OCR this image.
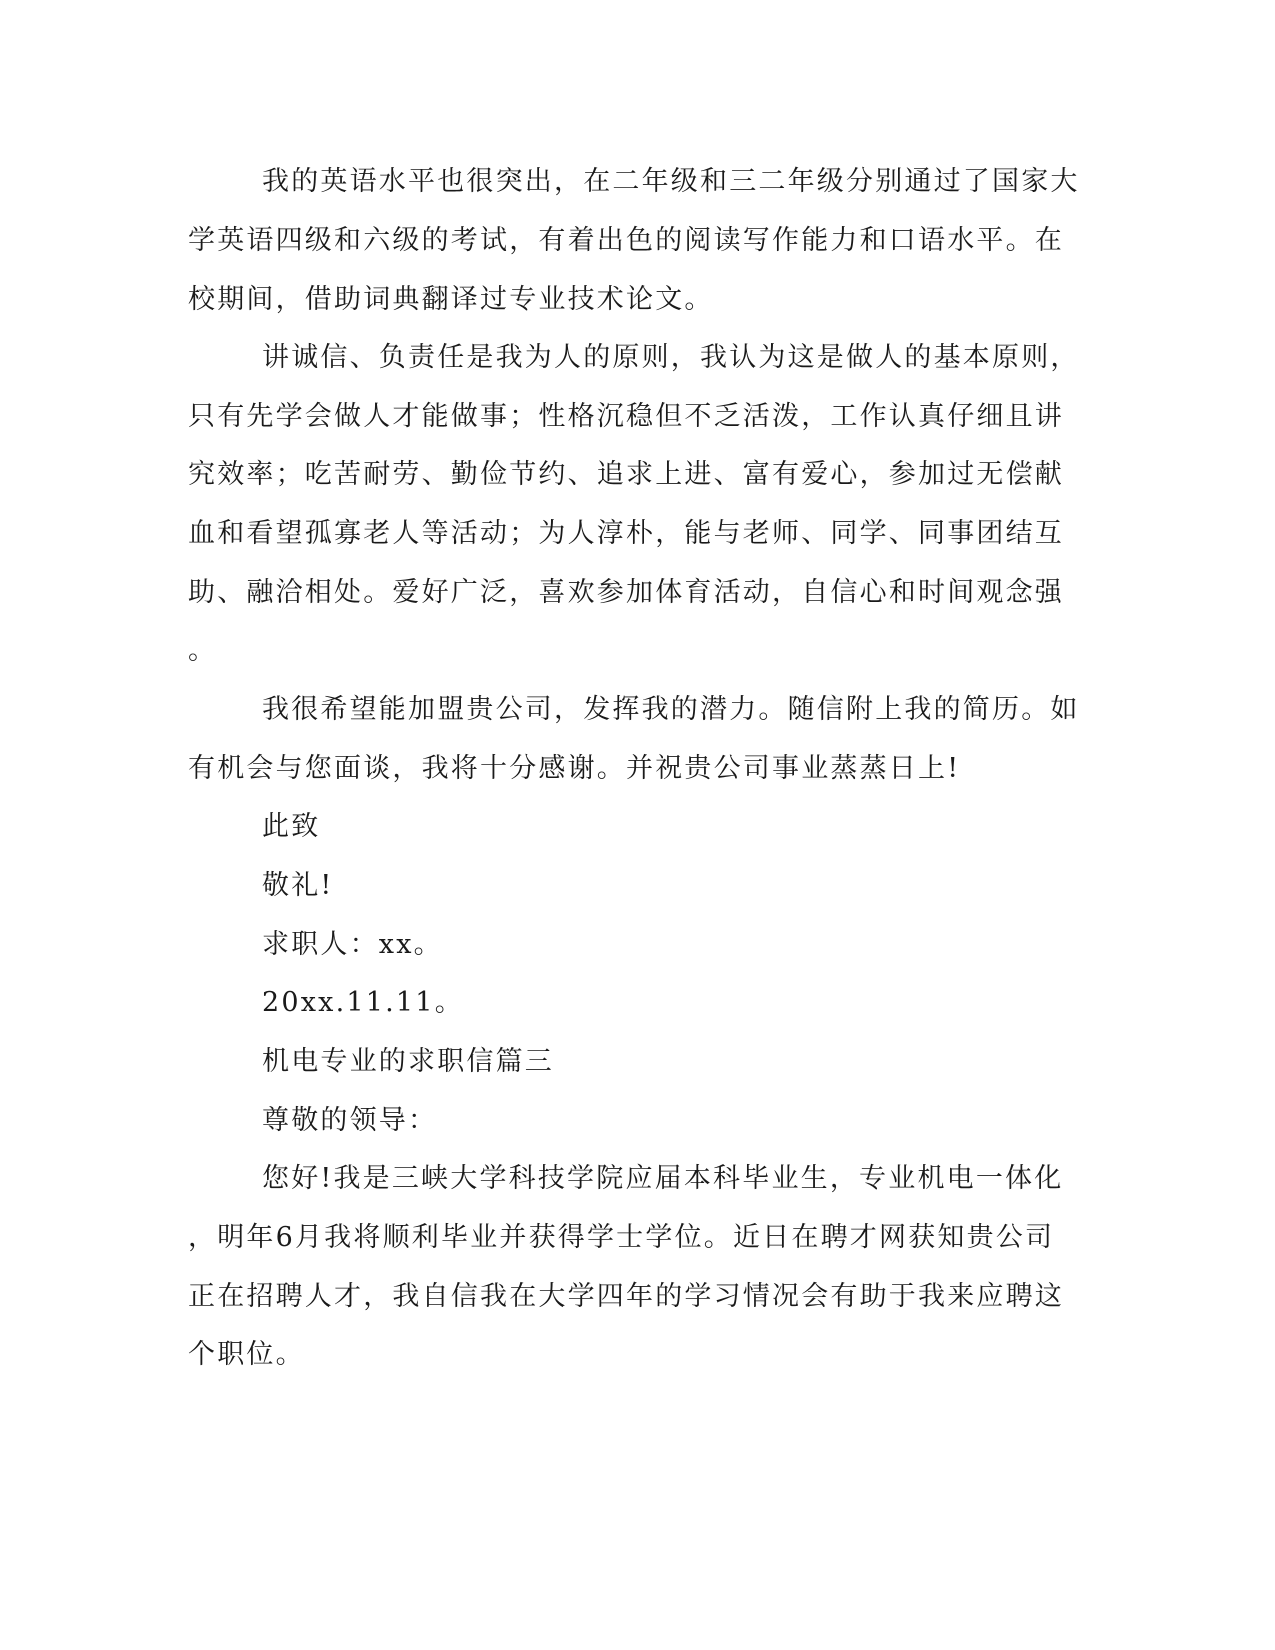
我的英语水平也很突出，在二年级和三二年级分别通过了国家大
学英语四级和六级的考试，有着出色的阅读写作能力和口语水平。在
校期间，借助词典翻译过专业技术论文。
讲诚信、负责任是我为人的原则，我认为这是做人的基本原则，
只有先学会做人才能做事；性格沉稳但不乏活泼，工作认真仔细且讲
究效率；吃苦耐劳、勤俭节约、追求上进、富有爱心，参加过无偿献
血和看望孤寡老人等活动；为人淳朴，能与老师、同学、同事团结互
助、融洽相处。爱好广泛，喜欢参加体育活动，自信心和时间观念强
。
我很希望能加盟贵公司，发挥我的潜力。随信附上我的简历。如
有机会与您面谈，我将十分感谢。并祝贵公司事业蒸蒸日上!
此致
敬礼!
求职人：xx。
20xx.11.11。
机电专业的求职信篇三
尊敬的领导：
您好!我是三峡大学科技学院应届本科毕业生，专业机电一体化
，明年6月我将顺利毕业并获得学士学位。近日在聘才网获知贵公司
正在招聘人才，我自信我在大学四年的学习情况会有助于我来应聘这
个职位。
